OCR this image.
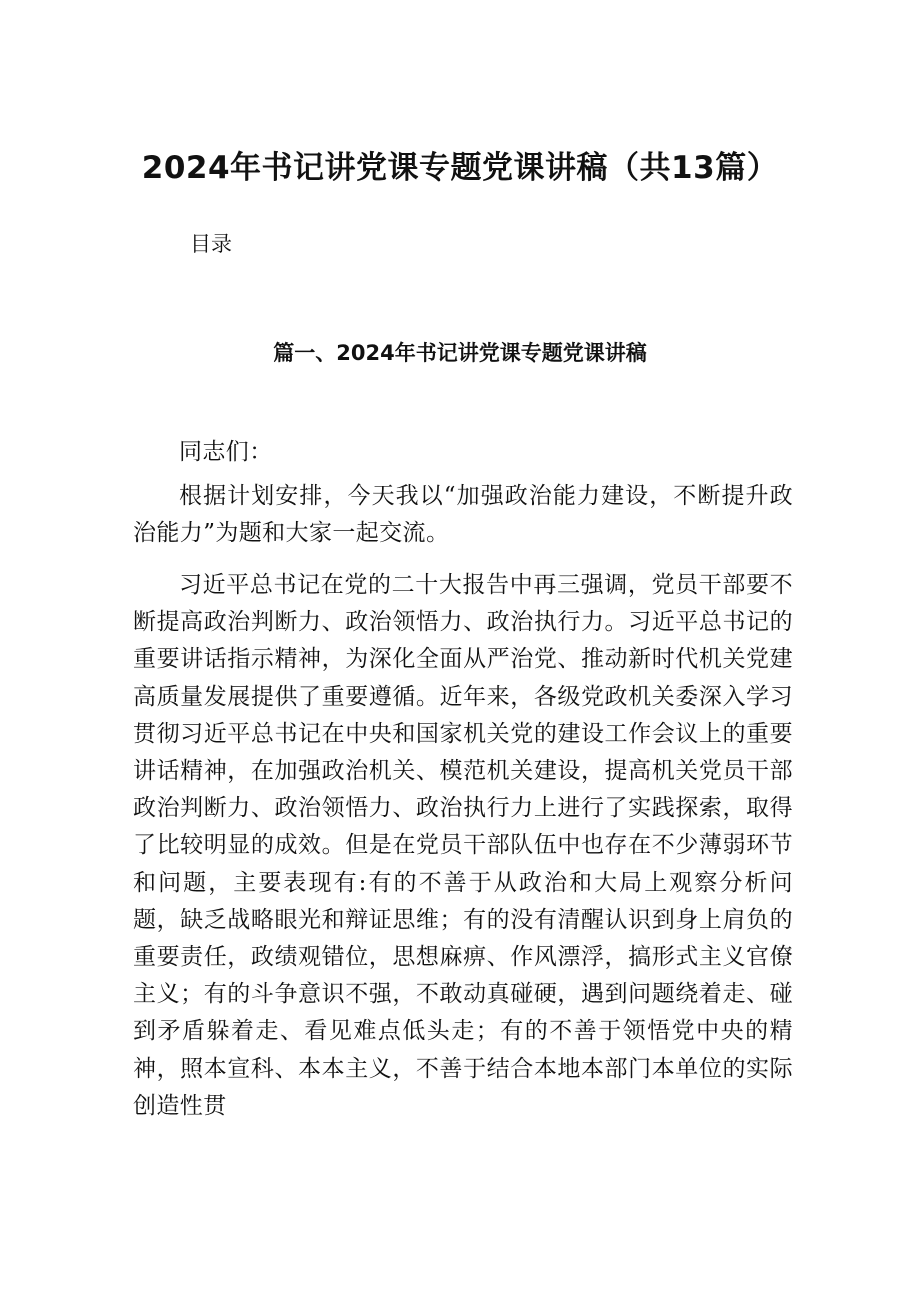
2024年书记讲党课专题党课讲稿（共13篇）

目录

篇一、2024年书记讲党课专题党课讲稿

同志们：

根据计划安排，今天我以“加强政治能力建设，不断提升政治能力”为题和大家一起交流。

习近平总书记在党的二十大报告中再三强调，党员干部要不断提高政治判断力、政治领悟力、政治执行力。习近平总书记的重要讲话指示精神，为深化全面从严治党、推动新时代机关党建高质量发展提供了重要遵循。近年来，各级党政机关委深入学习贯彻习近平总书记在中央和国家机关党的建设工作会议上的重要讲话精神，在加强政治机关、模范机关建设，提高机关党员干部政治判断力、政治领悟力、政治执行力上进行了实践探索，取得了比较明显的成效。但是在党员干部队伍中也存在不少薄弱环节和问题，主要表现有:有的不善于从政治和大局上观察分析问题，缺乏战略眼光和辩证思维；有的没有清醒认识到身上肩负的重要责任，政绩观错位，思想麻痹、作风漂浮，搞形式主义官僚主义；有的斗争意识不强，不敢动真碰硬，遇到问题绕着走、碰到矛盾躲着走、看见难点低头走；有的不善于领悟党中央的精神，照本宣科、本本主义，不善于结合本地本部门本单位的实际创造性贯
